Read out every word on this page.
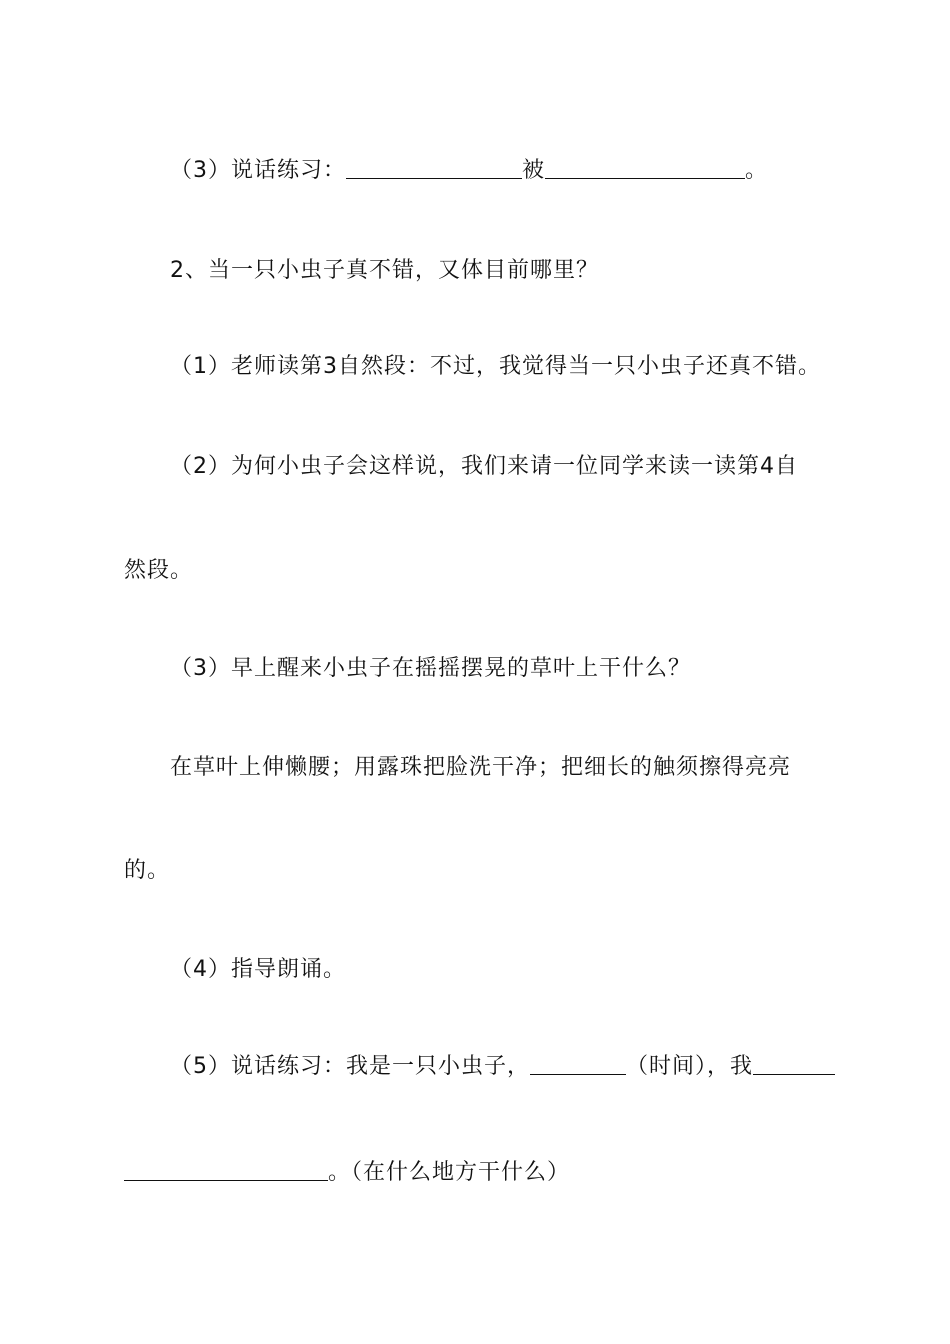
（3）说话练习：	被	。
2、当一只小虫子真不错，又体目前哪里？
（1）老师读第3自然段：不过，我觉得当一只小虫子还真不错。
（2）为何小虫子会这样说，我们来请一位同学来读一读第4自
然段。
（3）早上醒来小虫子在摇摇摆晃的草叶上干什么？
在草叶上伸懒腰；用露珠把脸洗干净；把细长的触须擦得亮亮
的。
（4）指导朗诵。
（5）说话练习：我是一只小虫子，	（时间），我
。（在什么地方干什么）
